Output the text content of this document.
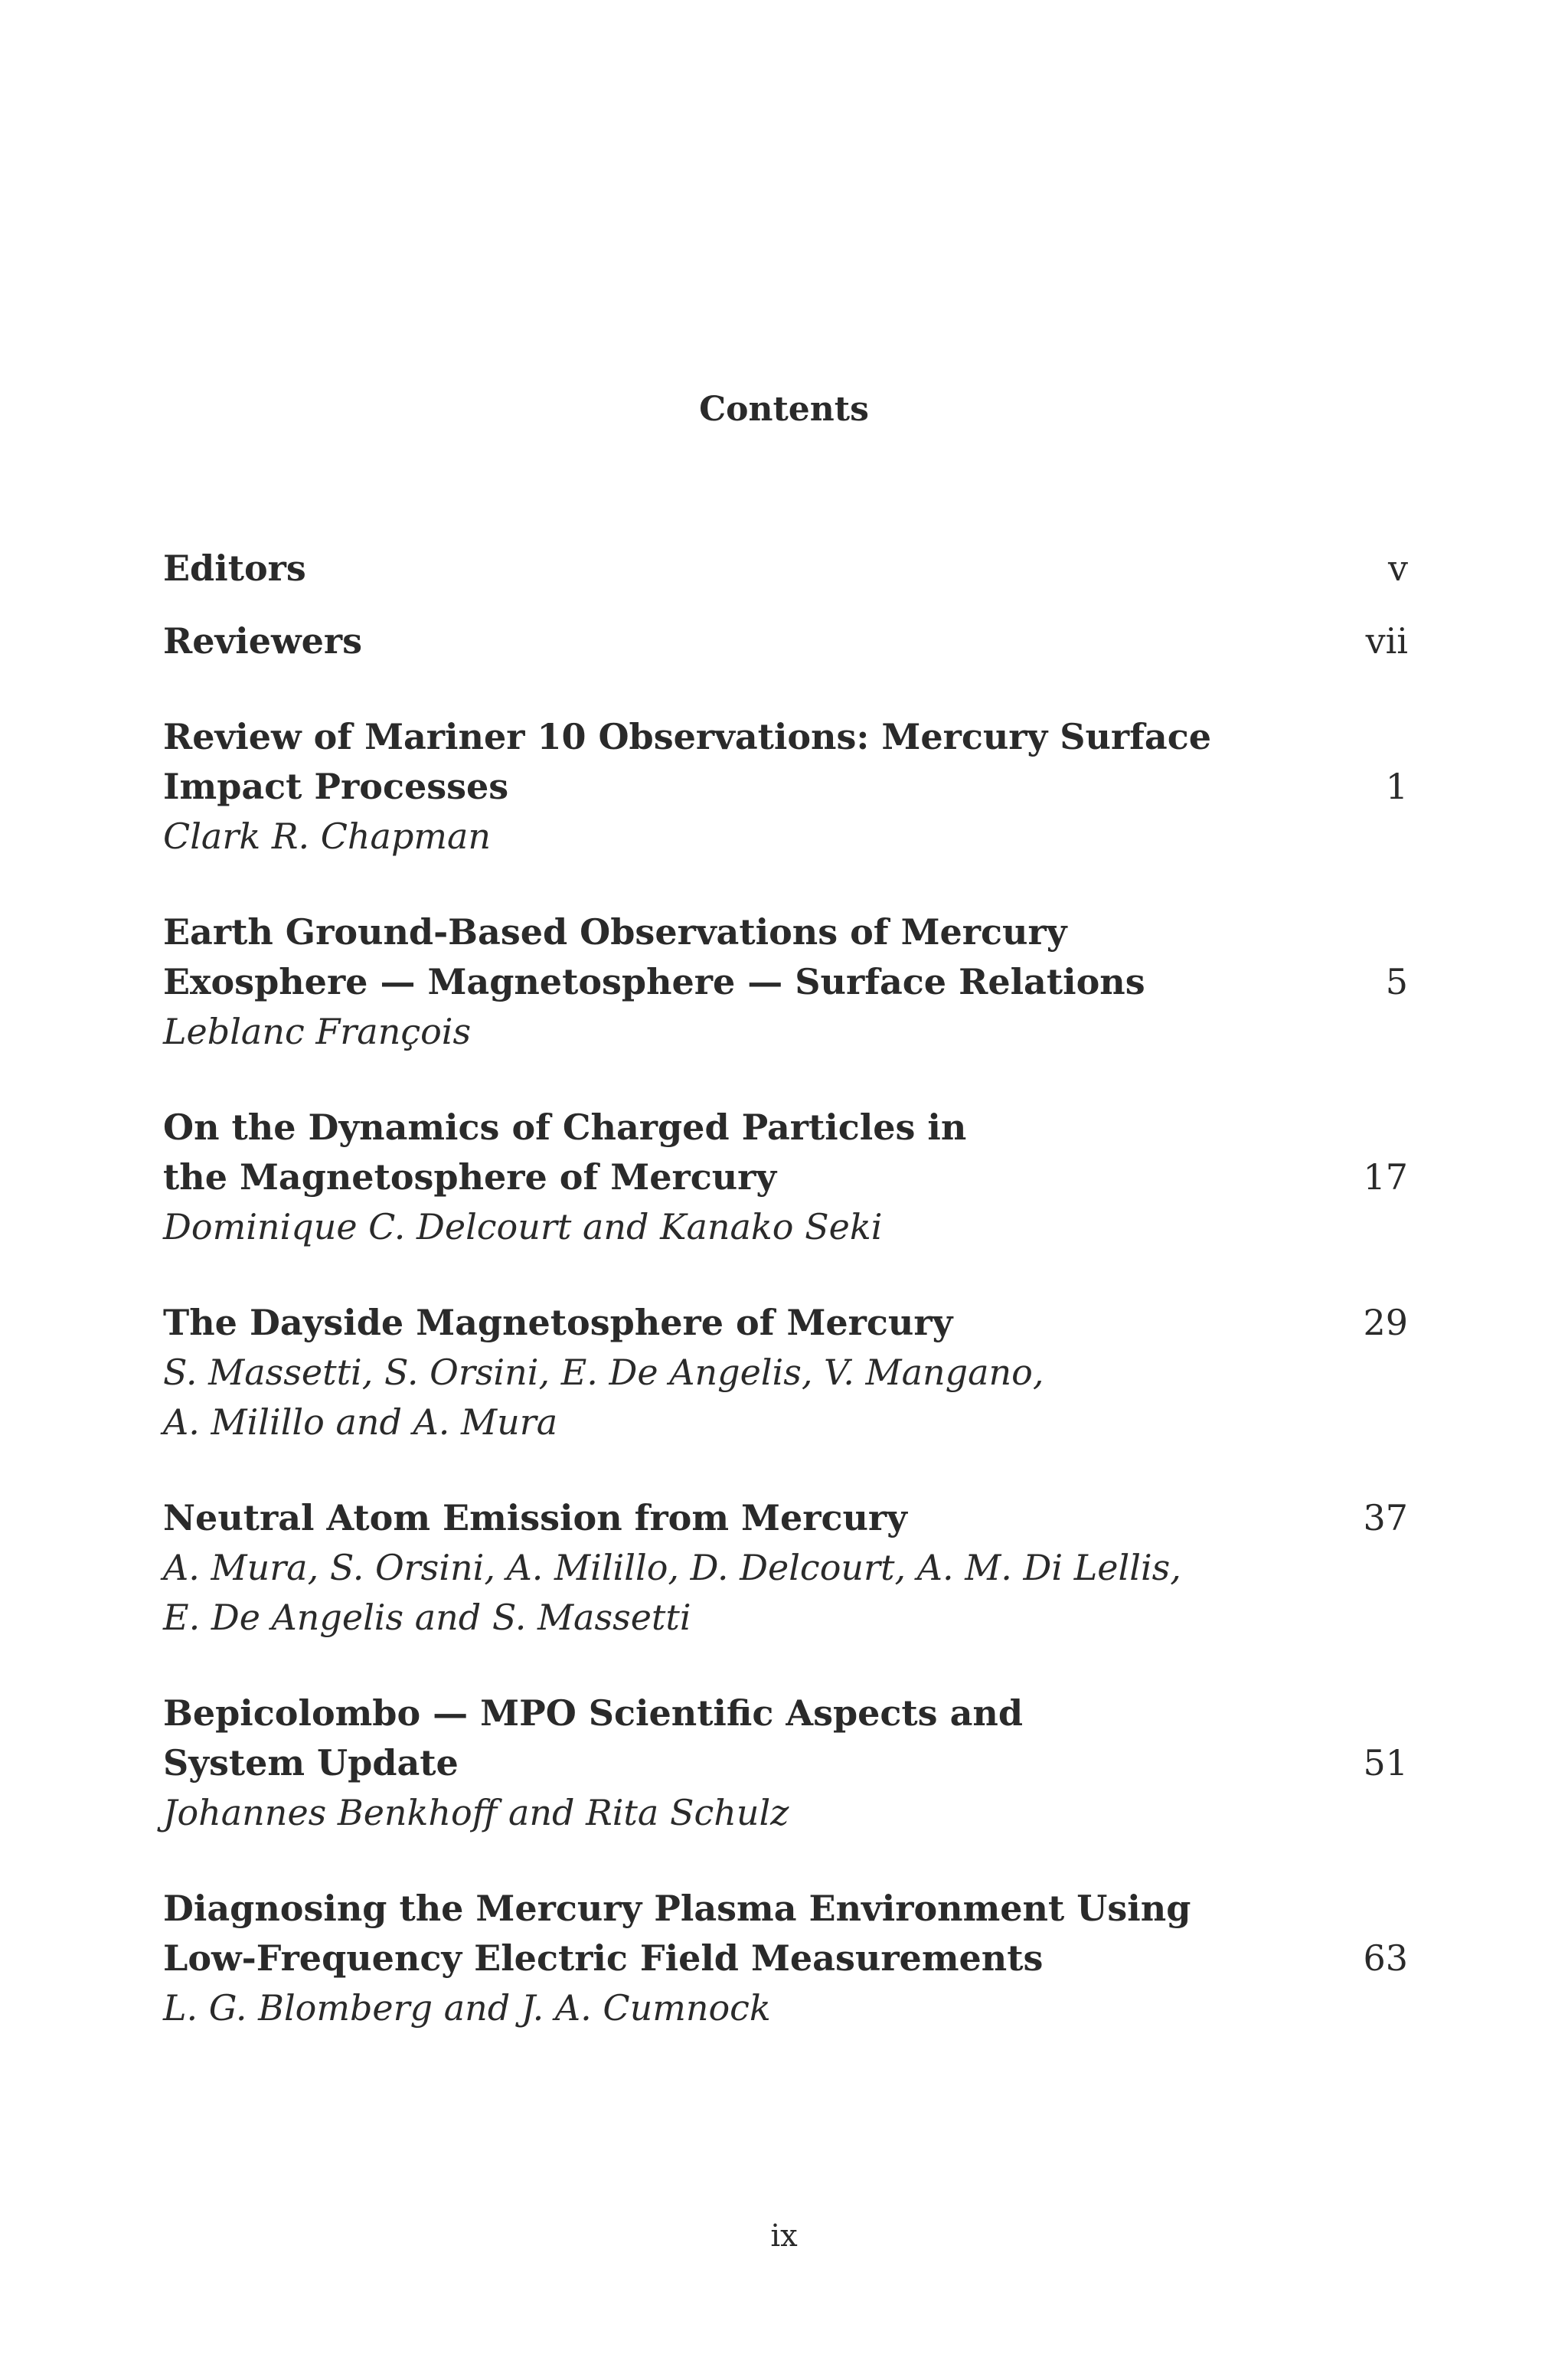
Contents
Editors	v
Reviewers	vii
Review of Mariner 10 Observations: Mercury Surface
Impact Processes
Clark R. Chapman
1
Earth Ground-Based Observations of Mercury
Exosphere — Magnetosphere — Surface Relations
Leblanc François
5
On the Dynamics of Charged Particles in
the Magnetosphere of Mercury
Dominique C. Delcourt and Kanako Seki
17
The Dayside Magnetosphere of Mercury
S. Massetti, S. Orsini, E. De Angelis, V. Mangano,
A. Milillo and A. Mura
29
Neutral Atom Emission from Mercury
A. Mura, S. Orsini, A. Milillo, D. Delcourt, A. M. Di Lellis,
E. De Angelis and S. Massetti
37
Bepicolombo — MPO Scientific Aspects and
System Update
Johannes Benkhoff and Rita Schulz
51
Diagnosing the Mercury Plasma Environment Using
Low-Frequency Electric Field Measurements
L. G. Blomberg and J. A. Cumnock
63
ix
